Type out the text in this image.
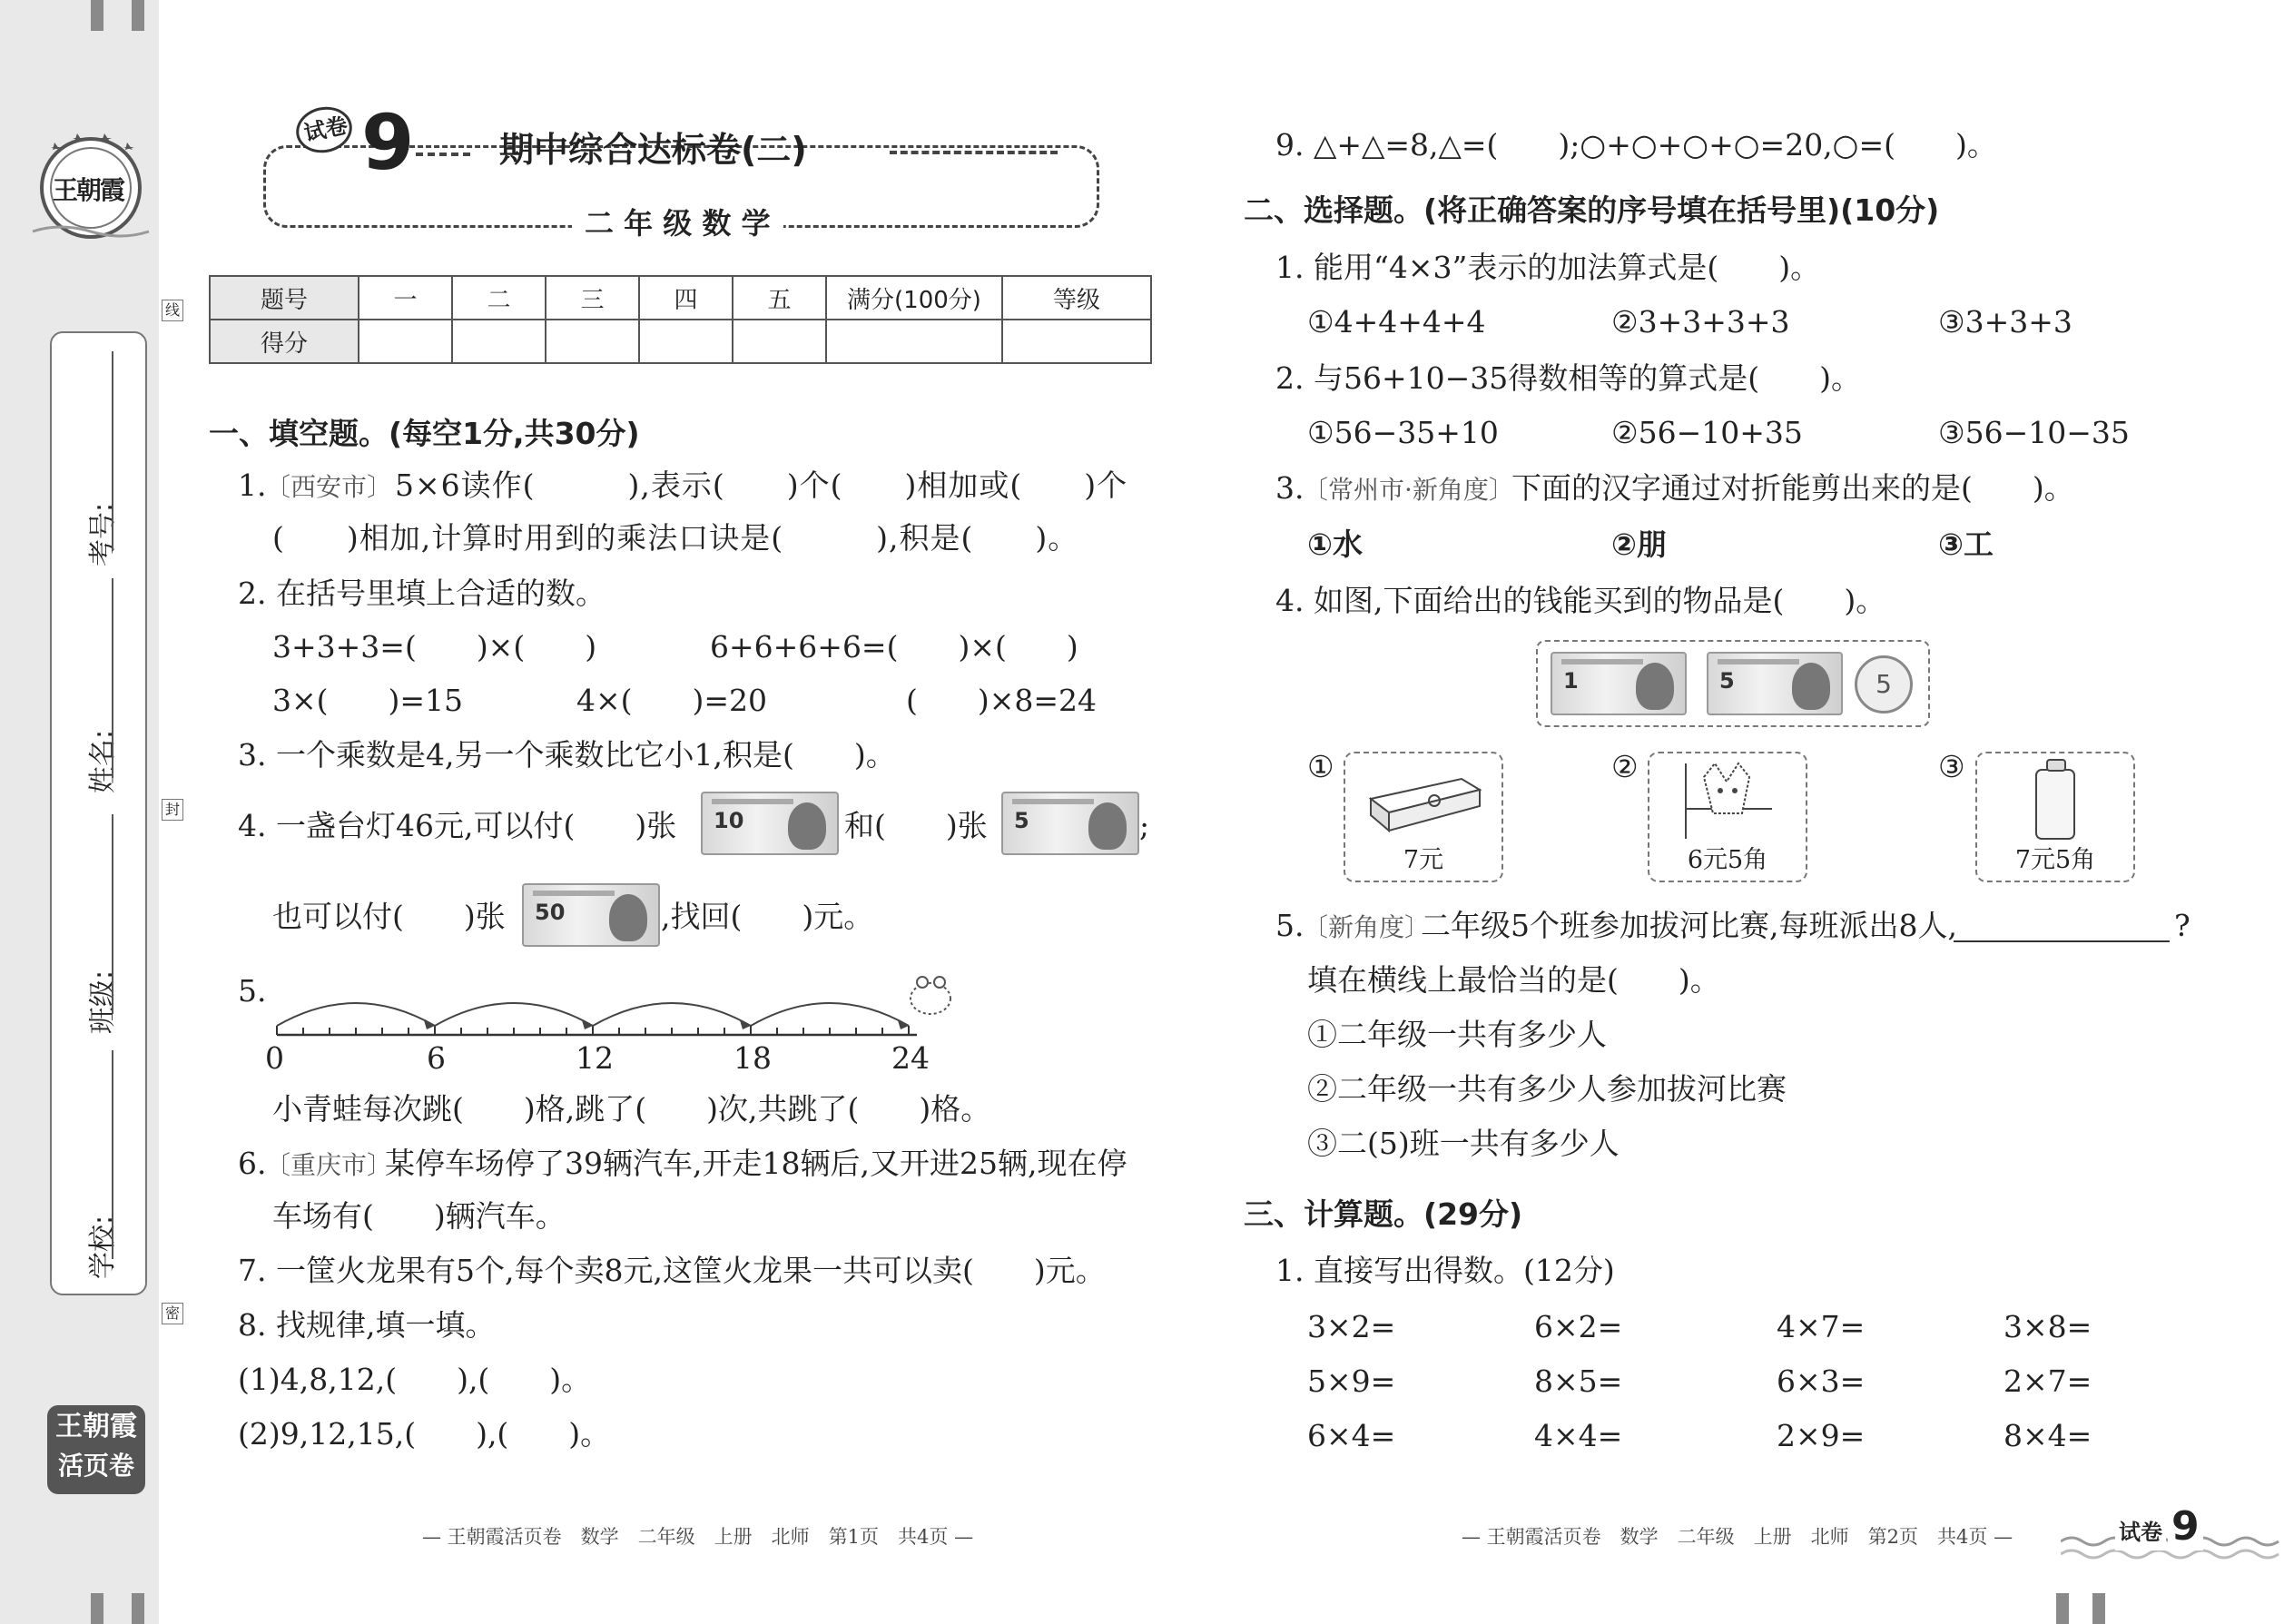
王朝霞
线
封
密
考号:
姓名:
班级:
学校:
王朝霞
活页卷
试卷 9 期中综合达标卷(二)
二 年 级 数 学
题号	一	二	三	四	五	满分(100分)	等级
得分							
一、填空题。(每空1分,共30分)
1.
〔西安市〕 5×6读作(　　　),表示(　　)个(　　)相加或(　　)个
(　　)相加,计算时用到的乘法口诀是(　　　),积是(　　)。
2. 在括号里填上合适的数。
3+3+3=(　　)×(　　)	6+6+6+6=(　　)×(　　)
3×(　　)=15	4×(　　)=20	(　　)×8=24
3. 一个乘数是4,另一个乘数比它小1,积是(　　)。
4. 一盏台灯46元,可以付(　　)张 10	和(　　)张 5	;
也可以付(　　)张 50	,找回(　　)元。
5.
0	6	12	18	24
小青蛙每次跳(　　)格,跳了(　　)次,共跳了(　　)格。
6.
〔重庆市〕
某停车场停了39辆汽车,开走18辆后,又开进25辆,现在停
车场有(　　)辆汽车。
7. 一筐火龙果有5个,每个卖8元,这筐火龙果一共可以卖(　　)元。
8. 找规律,填一填。
(1)4,8,12,(　　),(　　)。
(2)9,12,15,(　　),(　　)。
— 王朝霞活页卷　数学　二年级　上册　北师　第1页　共4页 —
9. △+△=8,△=(　　);○+○+○+○=20,○=(　　)。
二、选择题。(将正确答案的序号填在括号里)(10分)
1. 能用“4×3”表示的加法算式是(　　)。
①4+4+4+4	②3+3+3+3	③3+3+3
2. 与56+10−35得数相等的算式是(　　)。
①56−35+10	②56−10+35	③56−10−35
3.
〔常州市·新角度〕
下面的汉字通过对折能剪出来的是(　　)。
①水	②朋	③工
4. 如图,下面给出的钱能买到的物品是(　　)。
1	5	5
①
7元
②
6元5角
③
7元5角
5.
〔新角度〕
二年级5个班参加拔河比赛,每班派出8人,	?
填在横线上最恰当的是(　　)。
①二年级一共有多少人
②二年级一共有多少人参加拔河比赛
③二(5)班一共有多少人
三、计算题。(29分)
1. 直接写出得数。(12分)
3×2=	6×2=	4×7=	3×8=
5×9=	8×5=	6×3=	2×7=
6×4=	4×4=	2×9=	8×4=
— 王朝霞活页卷　数学　二年级　上册　北师　第2页　共4页 —	试卷 9
